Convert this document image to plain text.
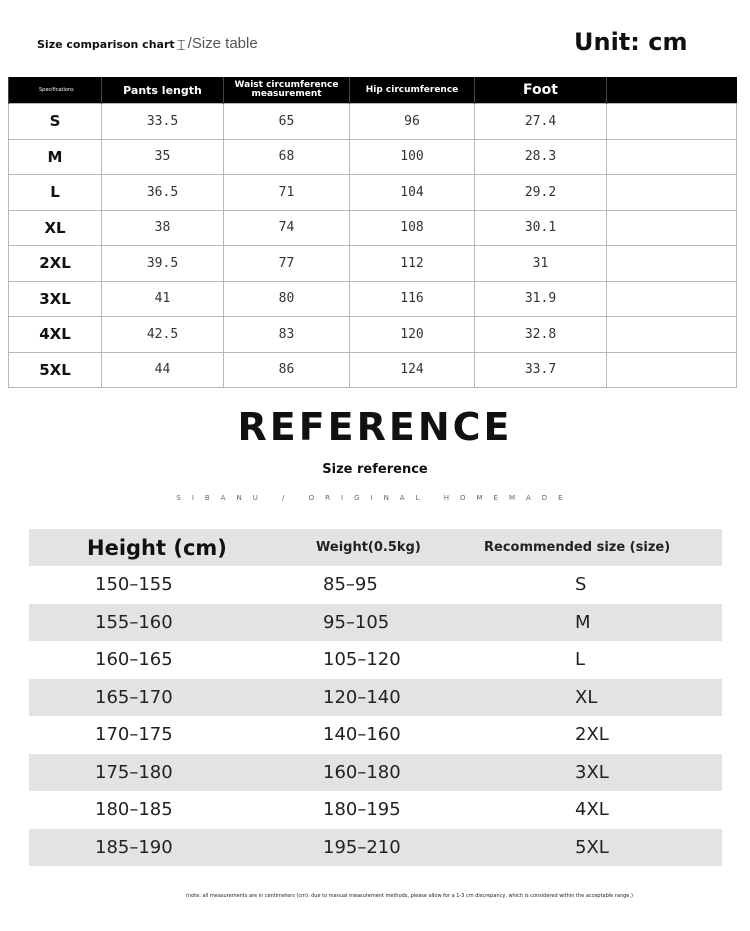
Size comparison chart ⌶ /Size table	Unit: cm
Specifications	Pants length	Waist circumference measurement	Hip circumference	Foot	
S	33.5	65	96	27.4	
M	35	68	100	28.3	
L	36.5	71	104	29.2	
XL	38	74	108	30.1	
2XL	39.5	77	112	31	
3XL	41	80	116	31.9	
4XL	42.5	83	120	32.8	
5XL	44	86	124	33.7	
REFERENCE
Size reference
SIBANU / ORIGINAL HOMEMADE
Height (cm)	Weight(0.5kg)	Recommended size (size)
150–155	85–95	S
155–160	95–105	M
160–165	105–120	L
165–170	120–140	XL
170–175	140–160	2XL
175–180	160–180	3XL
180–185	180–195	4XL
185–190	195–210	5XL
(note: all measurements are in centimeters (cm). due to manual measurement methods, please allow for a 1-3 cm discrepancy, which is considered within the acceptable range.)
